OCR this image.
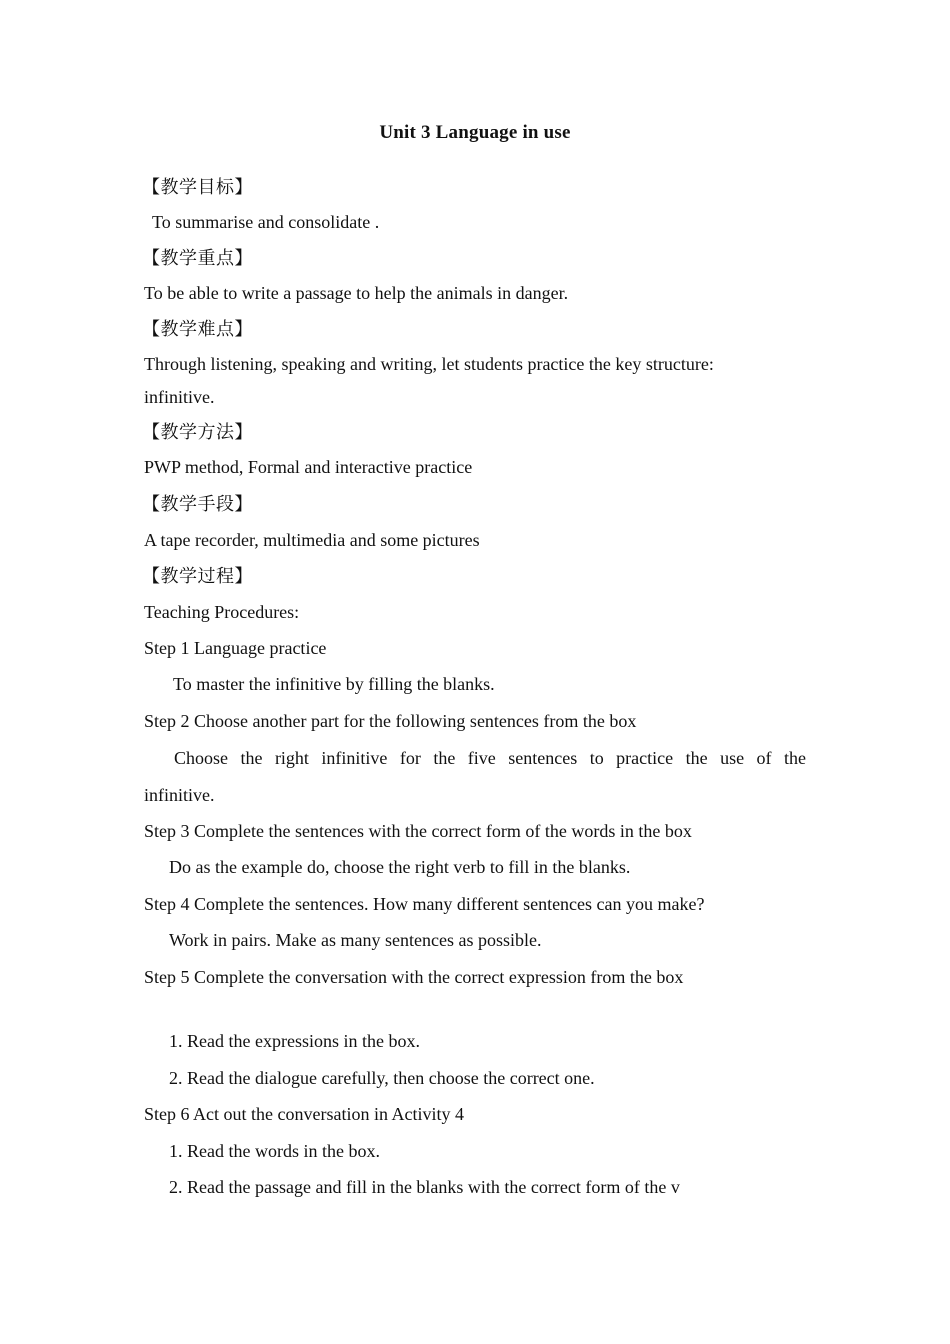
Unit 3 Language in use
【教学目标】
To summarise and consolidate .
【教学重点】
To be able to write a passage to help the animals in danger.
【教学难点】
Through listening, speaking and writing, let students practice the key structure:
infinitive.
【教学方法】
PWP method, Formal and interactive practice
【教学手段】
A tape recorder, multimedia and some pictures
【教学过程】
Teaching Procedures:
Step 1 Language practice
To master the infinitive by filling the blanks.
Step 2 Choose another part for the following sentences from the box
Choose the right infinitive for the five sentences to practice the use of the
infinitive.
Step 3 Complete the sentences with the correct form of the words in the box
Do as the example do, choose the right verb to fill in the blanks.
Step 4 Complete the sentences. How many different sentences can you make?
Work in pairs. Make as many sentences as possible.
Step 5 Complete the conversation with the correct expression from the box
1. Read the expressions in the box.
2. Read the dialogue carefully, then choose the correct one.
Step 6 Act out the conversation in Activity 4
1. Read the words in the box.
2. Read the passage and fill in the blanks with the correct form of the v
